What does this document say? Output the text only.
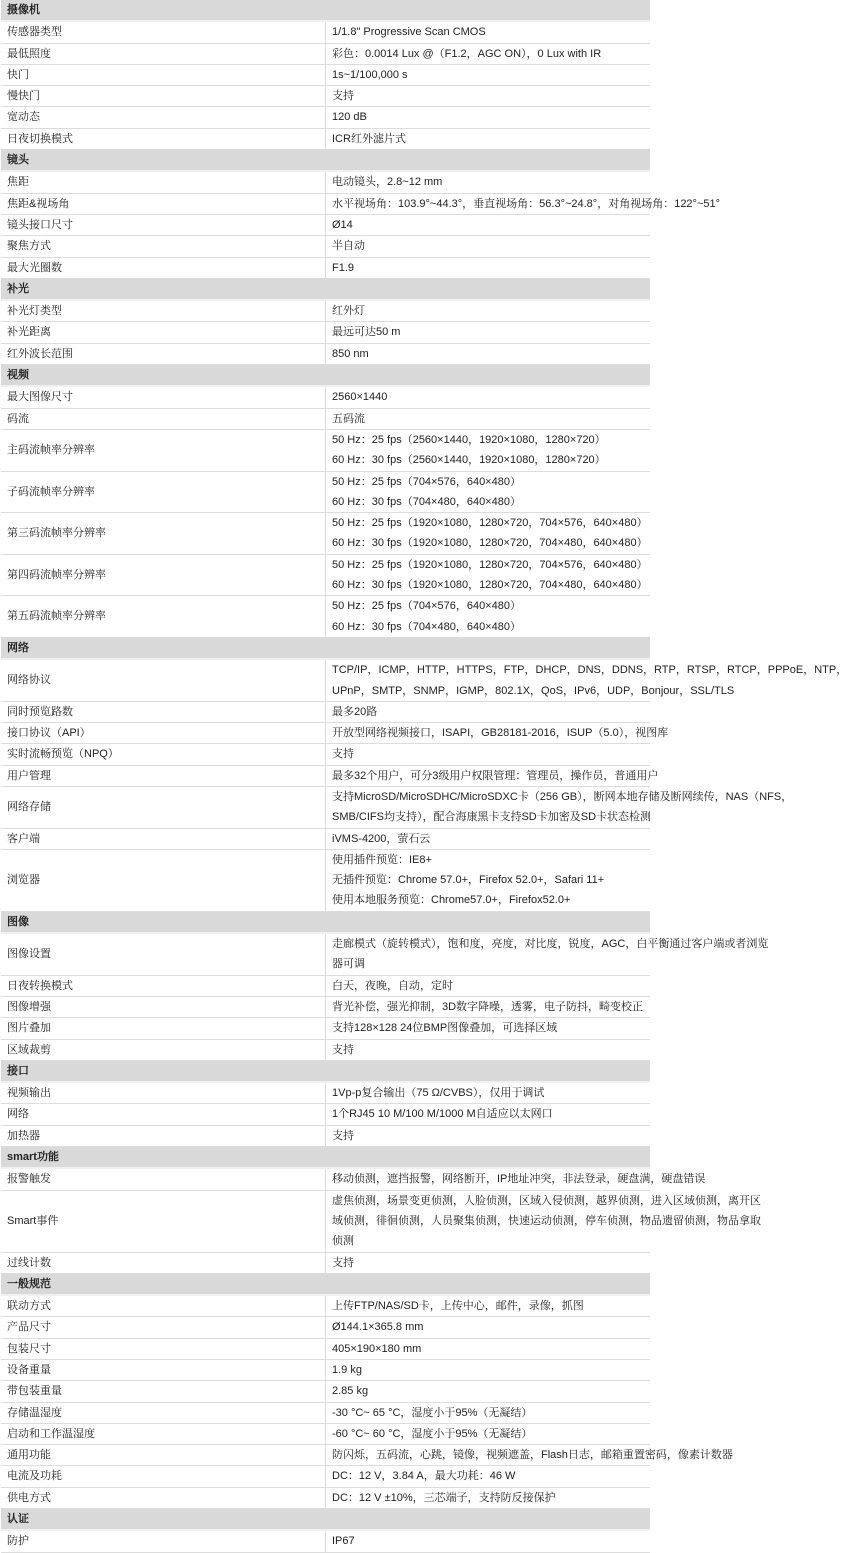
摄像机	
传感器类型	1/1.8" Progressive Scan CMOS

最低照度	彩色：0.0014 Lux @（F1.2，AGC ON），0 Lux with IR

快门	1s~1/100,000 s

慢快门	支持

宽动态	120 dB

日夜切换模式	ICR红外滤片式

镜头	
焦距	电动镜头，2.8~12 mm

焦距&视场角	水平视场角：103.9°~44.3°，垂直视场角：56.3°~24.8°，对角视场角：122°~51°

镜头接口尺寸	Ø14

聚焦方式	半自动

最大光圈数	F1.9

补光	
补光灯类型	红外灯

补光距离	最远可达50 m

红外波长范围	850 nm

视频	
最大图像尺寸	2560×1440

码流	五码流

主码流帧率分辨率	50 Hz：25 fps（2560×1440，1920×1080，1280×720）
60 Hz：30 fps（2560×1440，1920×1080，1280×720）

子码流帧率分辨率	50 Hz：25 fps（704×576，640×480）
60 Hz：30 fps（704×480，640×480）

第三码流帧率分辨率	50 Hz：25 fps（1920×1080，1280×720，704×576，640×480）
60 Hz：30 fps（1920×1080，1280×720，704×480，640×480）

第四码流帧率分辨率	50 Hz：25 fps（1920×1080，1280×720，704×576，640×480）
60 Hz：30 fps（1920×1080，1280×720，704×480，640×480）

第五码流帧率分辨率	50 Hz：25 fps（704×576，640×480）
60 Hz：30 fps（704×480，640×480）

网络	
网络协议	TCP/IP，ICMP，HTTP，HTTPS，FTP，DHCP，DNS，DDNS，RTP，RTSP，RTCP，PPPoE，NTP，
UPnP，SMTP，SNMP，IGMP，802.1X，QoS，IPv6，UDP，Bonjour，SSL/TLS

同时预览路数	最多20路

接口协议（API）	开放型网络视频接口，ISAPI，GB28181-2016，ISUP（5.0），视图库

实时流畅预览（NPQ）	支持

用户管理	最多32个用户，可分3级用户权限管理：管理员，操作员，普通用户

网络存储	支持MicroSD/MicroSDHC/MicroSDXC卡（256 GB），断网本地存储及断网续传，NAS（NFS，
SMB/CIFS均支持），配合海康黑卡支持SD卡加密及SD卡状态检测

客户端	iVMS-4200，萤石云

浏览器	使用插件预览：IE8+
无插件预览：Chrome 57.0+，Firefox 52.0+，Safari 11+
使用本地服务预览：Chrome57.0+，Firefox52.0+

图像	
图像设置	走廊模式（旋转模式），饱和度，亮度，对比度，锐度，AGC，白平衡通过客户端或者浏览
器可调

日夜转换模式	白天，夜晚，自动，定时

图像增强	背光补偿，强光抑制，3D数字降噪，透雾，电子防抖，畸变校正

图片叠加	支持128×128 24位BMP图像叠加，可选择区域

区域裁剪	支持

接口	
视频输出	1Vp-p复合输出（75 Ω/CVBS），仅用于调试

网络	1个RJ45 10 M/100 M/1000 M自适应以太网口

加热器	支持

smart功能	
报警触发	移动侦测，遮挡报警，网络断开，IP地址冲突，非法登录，硬盘满，硬盘错误

Smart事件	虚焦侦测，场景变更侦测，人脸侦测，区域入侵侦测，越界侦测，进入区域侦测，离开区
域侦测，徘徊侦测，人员聚集侦测，快速运动侦测，停车侦测，物品遗留侦测，物品拿取
侦测

过线计数	支持

一般规范	
联动方式	上传FTP/NAS/SD卡，上传中心，邮件，录像，抓图

产品尺寸	Ø144.1×365.8 mm

包装尺寸	405×190×180 mm

设备重量	1.9 kg

带包装重量	2.85 kg

存储温湿度	-30 °C~ 65 °C，湿度小于95%（无凝结）

启动和工作温湿度	-60 °C~ 60 °C，湿度小于95%（无凝结）

通用功能	防闪烁，五码流，心跳，镜像，视频遮盖，Flash日志，邮箱重置密码，像素计数器

电流及功耗	DC：12 V，3.84 A，最大功耗：46 W

供电方式	DC：12 V ±10%，三芯端子，支持防反接保护

认证	
防护	IP67
